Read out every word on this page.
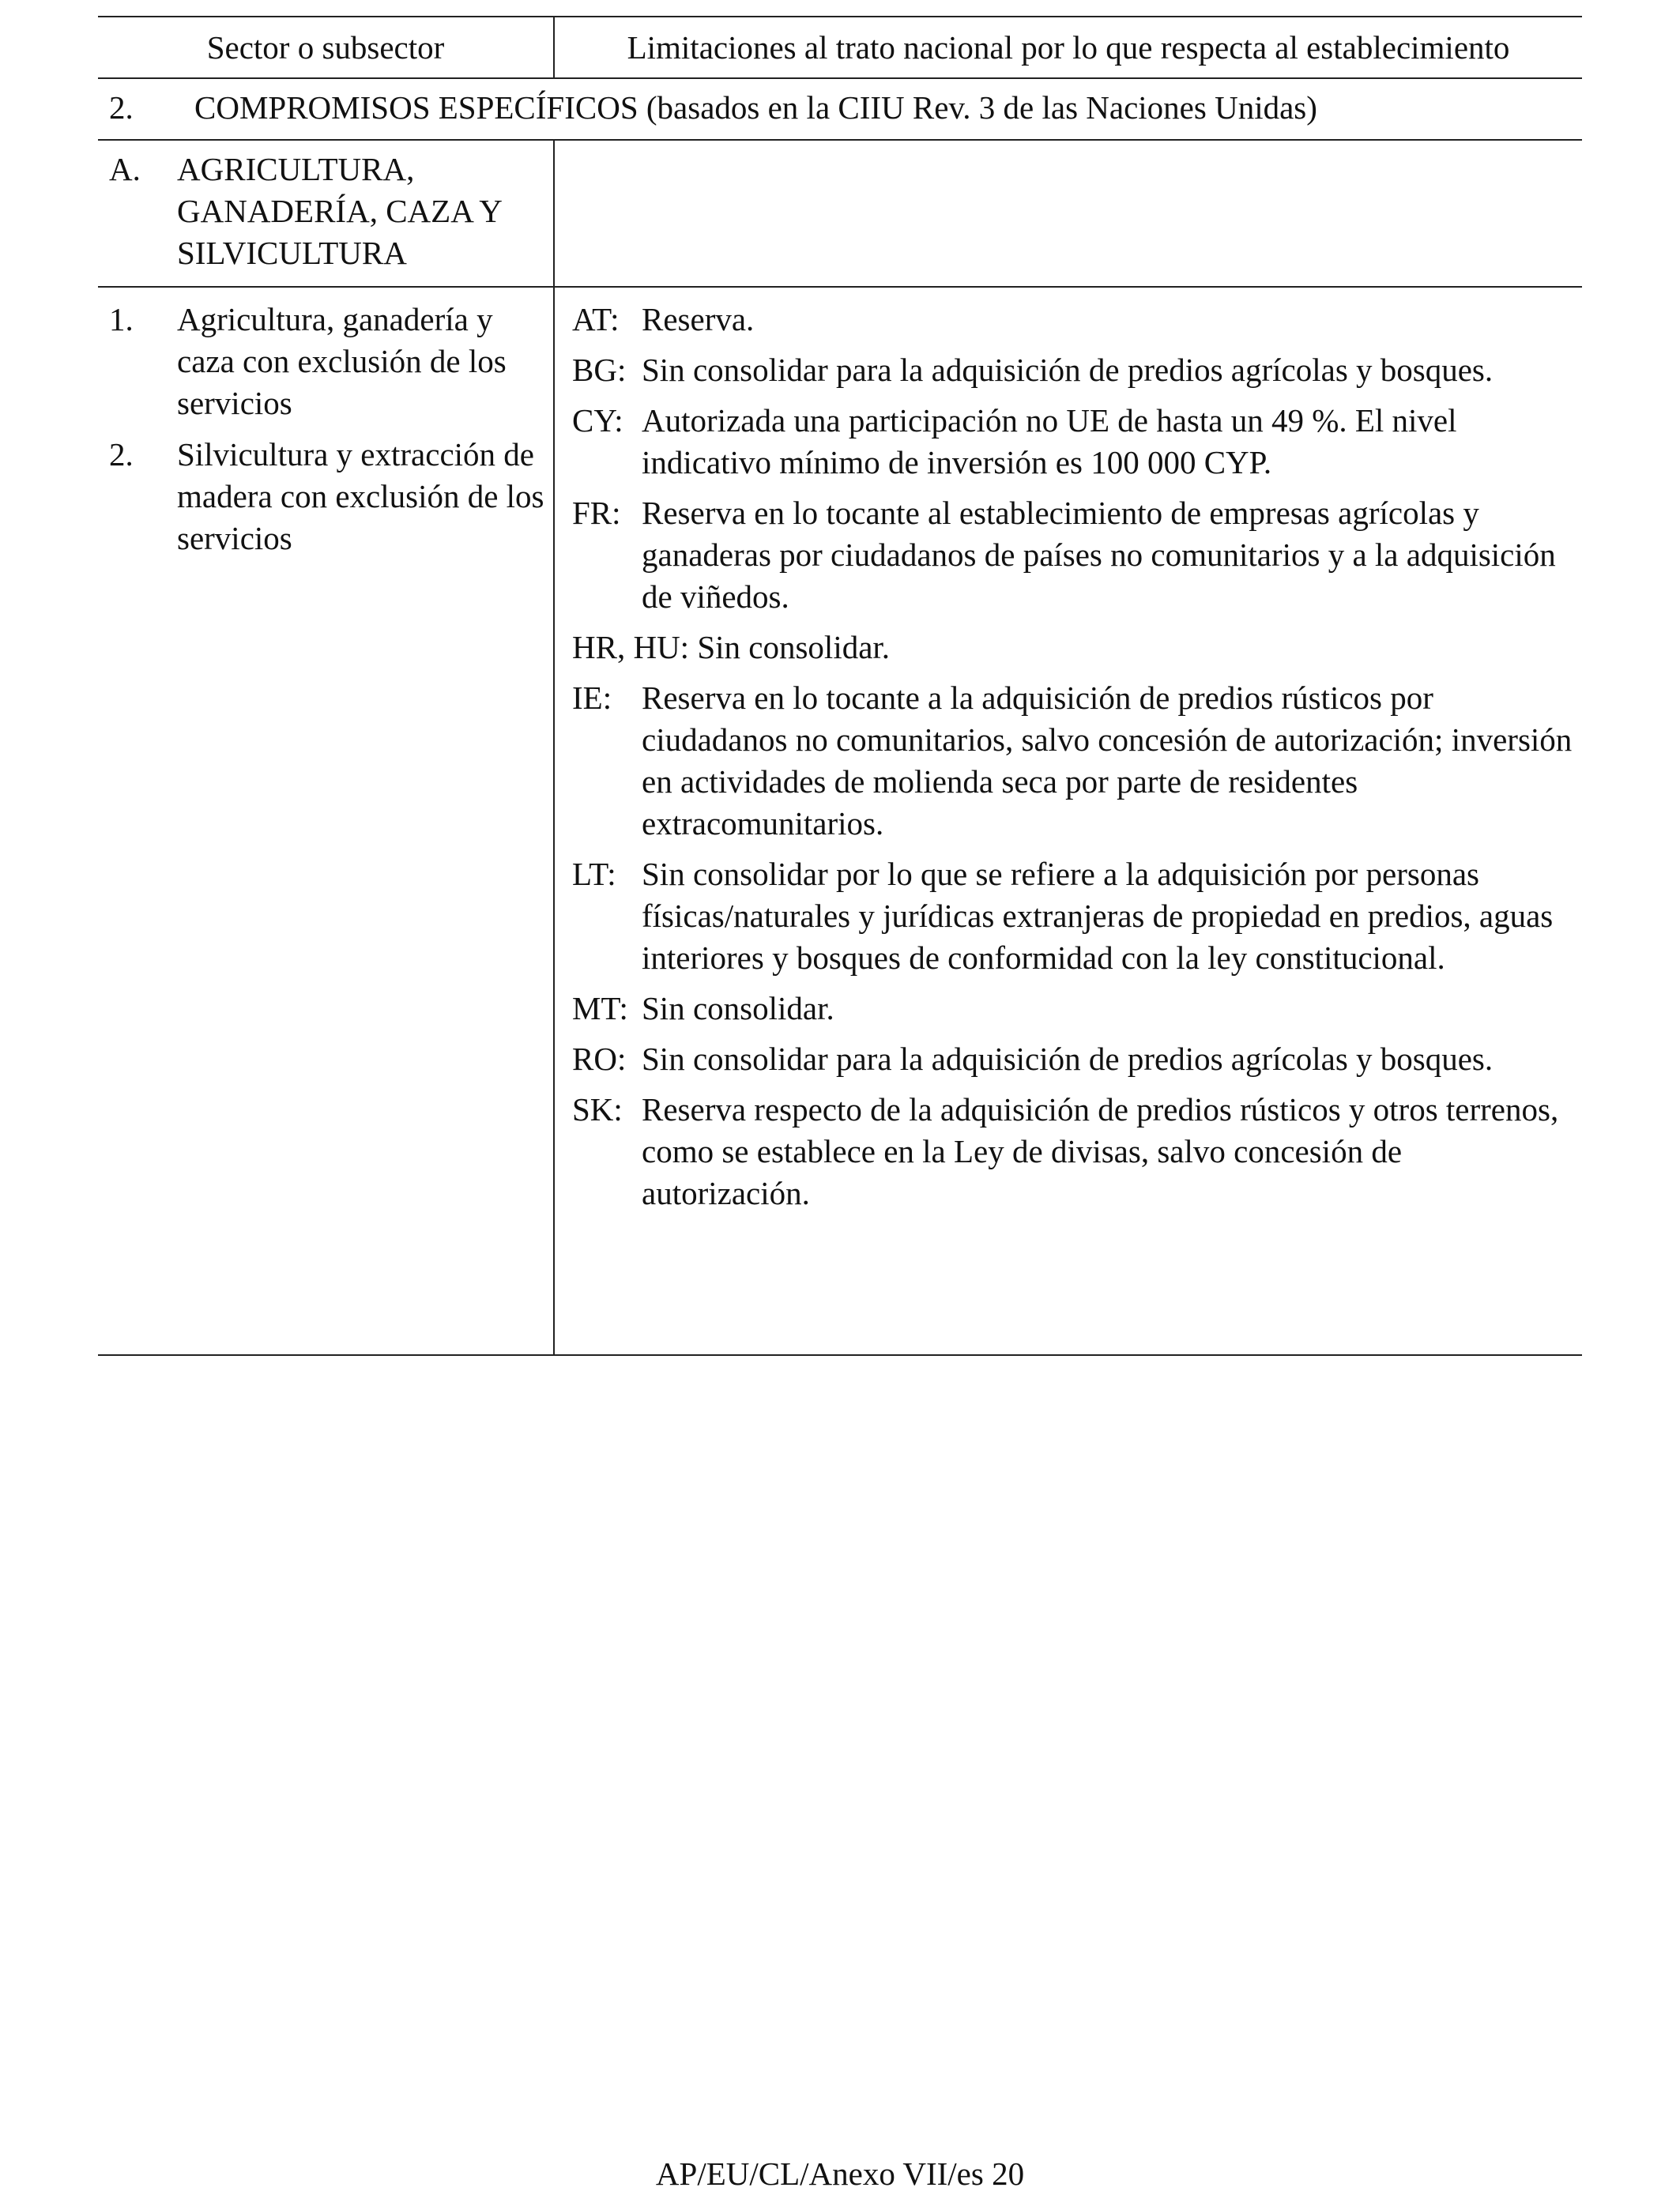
Sector o subsector	Limitaciones al trato nacional por lo que respecta al establecimiento
2. COMPROMISOS ESPECÍFICOS (basados en la CIIU Rev. 3 de las Naciones Unidas)
A. AGRICULTURA, GANADERÍA, CAZA Y SILVICULTURA
1. Agricultura, ganadería y caza con exclusión de los servicios
2. Silvicultura y extracción de madera con exclusión de los servicios
AT: Reserva.
BG: Sin consolidar para la adquisición de predios agrícolas y bosques.
CY: Autorizada una participación no UE de hasta un 49 %. El nivel indicativo mínimo de inversión es 100 000 CYP.
FR: Reserva en lo tocante al establecimiento de empresas agrícolas y ganaderas por ciudadanos de países no comunitarios y a la adquisición de viñedos.
HR, HU: Sin consolidar.
IE: Reserva en lo tocante a la adquisición de predios rústicos por ciudadanos no comunitarios, salvo concesión de autorización; inversión en actividades de molienda seca por parte de residentes extracomunitarios.
LT: Sin consolidar por lo que se refiere a la adquisición por personas físicas/naturales y jurídicas extranjeras de propiedad en predios, aguas interiores y bosques de conformidad con la ley constitucional.
MT: Sin consolidar.
RO: Sin consolidar para la adquisición de predios agrícolas y bosques.
SK: Reserva respecto de la adquisición de predios rústicos y otros terrenos, como se establece en la Ley de divisas, salvo concesión de autorización.
AP/EU/CL/Anexo VII/es 20
